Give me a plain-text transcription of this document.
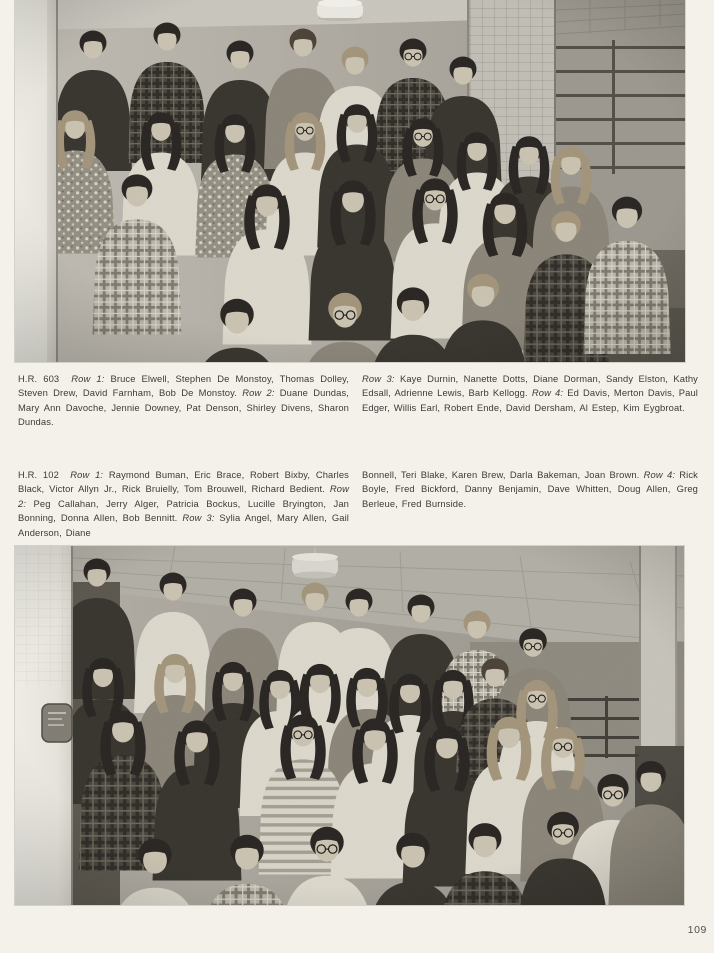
H.R. 603 Row 1: Bruce Elwell, Stephen De Monstoy, Thomas Dolley, Steven Drew, David Farnham, Bob De Monstoy. Row 2: Duane Dundas, Mary Ann Davoche, Jennie Downey, Pat Denson, Shirley Divens, Sharon Dundas.
Row 3: Kaye Durnin, Nanette Dotts, Diane Dorman, Sandy Elston, Kathy Edsall, Adrienne Lewis, Barb Kellogg. Row 4: Ed Davis, Merton Davis, Paul Edger, Willis Earl, Robert Ende, David Dersham, Al Estep, Kim Eygbroat.
H.R. 102 Row 1: Raymond Buman, Eric Brace, Robert Bixby, Charles Black, Victor Allyn Jr., Rick Bruielly, Tom Brouwell, Richard Bedient. Row 2: Peg Callahan, Jerry Alger, Patricia Bockus, Lucille Bryington, Jan Bonning, Donna Allen, Bob Bennitt. Row 3: Sylia Angel, Mary Allen, Gail Anderson, Diane
Bonnell, Teri Blake, Karen Brew, Darla Bakeman, Joan Brown. Row 4: Rick Boyle, Fred Bickford, Danny Benjamin, Dave Whitten, Doug Allen, Greg Berleue, Fred Burnside.
109
